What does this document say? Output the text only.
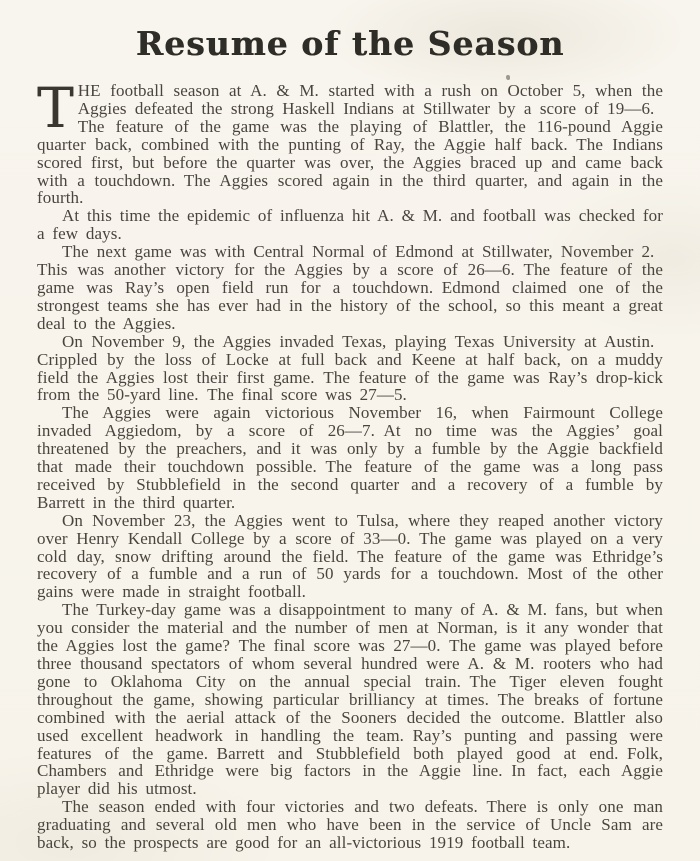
Resume of the Season

THE football season at A. & M. started with a rush on October 5, when the Aggies defeated the strong Haskell Indians at Stillwater by a score of 19—6. The feature of the game was the playing of Blattler, the 116-pound Aggie quarter back, combined with the punting of Ray, the Aggie half back. The Indians scored first, but before the quarter was over, the Aggies braced up and came back with a touchdown. The Aggies scored again in the third quarter, and again in the fourth.

At this time the epidemic of influenza hit A. & M. and football was checked for a few days.

The next game was with Central Normal of Edmond at Stillwater, November 2. This was another victory for the Aggies by a score of 26—6. The feature of the game was Ray’s open field run for a touchdown. Edmond claimed one of the strongest teams she has ever had in the history of the school, so this meant a great deal to the Aggies.

On November 9, the Aggies invaded Texas, playing Texas University at Austin. Crippled by the loss of Locke at full back and Keene at half back, on a muddy field the Aggies lost their first game. The feature of the game was Ray’s drop-kick from the 50-yard line. The final score was 27—5.

The Aggies were again victorious November 16, when Fairmount College invaded Aggiedom, by a score of 26—7. At no time was the Aggies’ goal threatened by the preachers, and it was only by a fumble by the Aggie backfield that made their touchdown possible. The feature of the game was a long pass received by Stubblefield in the second quarter and a recovery of a fumble by Barrett in the third quarter.

On November 23, the Aggies went to Tulsa, where they reaped another victory over Henry Kendall College by a score of 33—0. The game was played on a very cold day, snow drifting around the field. The feature of the game was Ethridge’s recovery of a fumble and a run of 50 yards for a touchdown. Most of the other gains were made in straight football.

The Turkey-day game was a disappointment to many of A. & M. fans, but when you consider the material and the number of men at Norman, is it any wonder that the Aggies lost the game? The final score was 27—0. The game was played before three thousand spectators of whom several hundred were A. & M. rooters who had gone to Oklahoma City on the annual special train. The Tiger eleven fought throughout the game, showing particular brilliancy at times. The breaks of fortune combined with the aerial attack of the Sooners decided the outcome. Blattler also used excellent headwork in handling the team. Ray’s punting and passing were features of the game. Barrett and Stubblefield both played good at end. Folk, Chambers and Ethridge were big factors in the Aggie line. In fact, each Aggie player did his utmost.

The season ended with four victories and two defeats. There is only one man graduating and several old men who have been in the service of Uncle Sam are back, so the prospects are good for an all-victorious 1919 football team.
